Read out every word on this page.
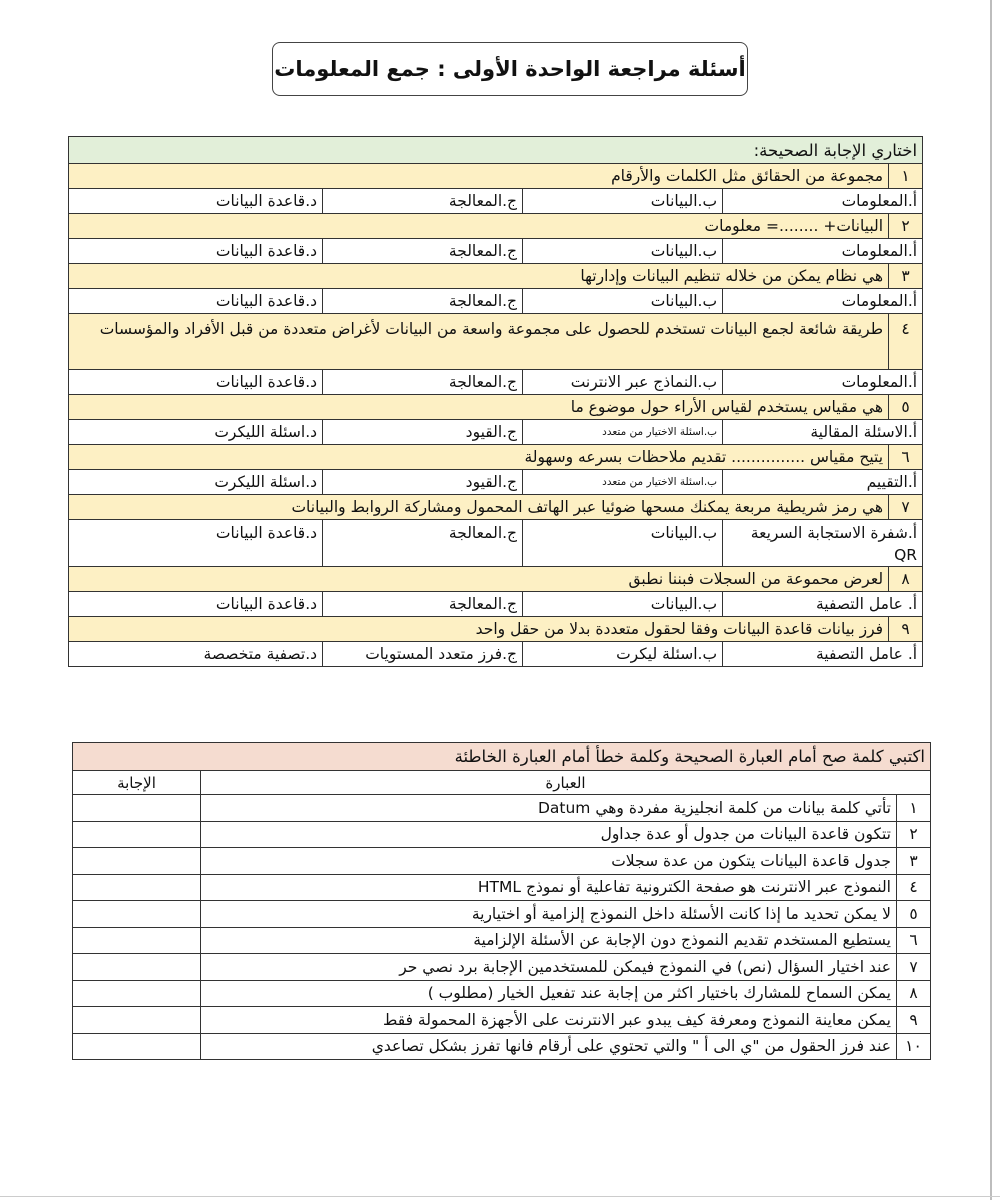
أسئلة مراجعة الواحدة الأولى : جمع المعلومات
اختاري الإجابة الصحيحة:				
١	مجموعة من الحقائق مثل الكلمات والأرقام			
أ.المعلومات		ب.البيانات	ج.المعالجة	د.قاعدة البيانات
٢	البيانات+ ........= معلومات			
أ.المعلومات		ب.البيانات	ج.المعالجة	د.قاعدة البيانات
٣	هي نظام يمكن من خلاله تنظيم البيانات وإدارتها			
أ.المعلومات		ب.البيانات	ج.المعالجة	د.قاعدة البيانات
٤	طريقة شائعة لجمع البيانات تستخدم للحصول على مجموعة واسعة من البيانات لأغراض متعددة من قبل الأفراد والمؤسسات			
أ.المعلومات		ب.النماذج عبر الانترنت	ج.المعالجة	د.قاعدة البيانات
٥	هي مقياس يستخدم لقياس الأراء حول موضوع ما			
أ.الاسئلة المقالية		ب.اسئلة الاختيار من متعدد	ج.القيود	د.اسئلة الليكرت
٦	يتيح مقياس ............... تقديم ملاحظات بسرعه وسهولة			
أ.التقييم		ب.اسئلة الاختيار من متعدد	ج.القيود	د.اسئلة الليكرت
٧	هي رمز شريطية مربعة يمكنك مسحها ضوئيا عبر الهاتف المحمول ومشاركة الروابط والبيانات			
أ.شفرة الاستجابة السريعة QR		ب.البيانات	ج.المعالجة	د.قاعدة البيانات
٨	لعرض محموعة من السجلات فبننا نطبق			
أ. عامل التصفية		ب.البيانات	ج.المعالجة	د.قاعدة البيانات
٩	فرز بيانات قاعدة البيانات وفقا لحقول متعددة بدلا من حقل واحد			
أ. عامل التصفية		ب.اسئلة ليكرت	ج.فرز متعدد المستويات	د.تصفية متخصصة
اكتبي كلمة صح أمام العبارة الصحيحة وكلمة خطأ أمام العبارة الخاطئة		
العبارة		الإجابة
١	تأتي كلمة بيانات من كلمة انجليزية مفردة وهي Datum	
٢	تتكون قاعدة البيانات من جدول أو عدة جداول	
٣	جدول قاعدة البيانات يتكون من عدة سجلات	
٤	النموذج عبر الانترنت هو صفحة الكترونية تفاعلية أو نموذج HTML	
٥	لا يمكن تحديد ما إذا كانت الأسئلة داخل النموذج إلزامية أو اختيارية	
٦	يستطيع المستخدم تقديم النموذج دون الإجابة عن الأسئلة الإلزامية	
٧	عند اختيار السؤال (نص) في النموذج فيمكن للمستخدمين الإجابة برد نصي حر	
٨	يمكن السماح للمشارك باختيار اكثر من إجابة عند تفعيل الخيار (مطلوب )	
٩	يمكن معاينة النموذج ومعرفة كيف يبدو عبر الانترنت على الأجهزة المحمولة فقط	
١٠	عند فرز الحقول من "ي الى أ " والتي تحتوي على أرقام فانها تفرز بشكل تصاعدي	
